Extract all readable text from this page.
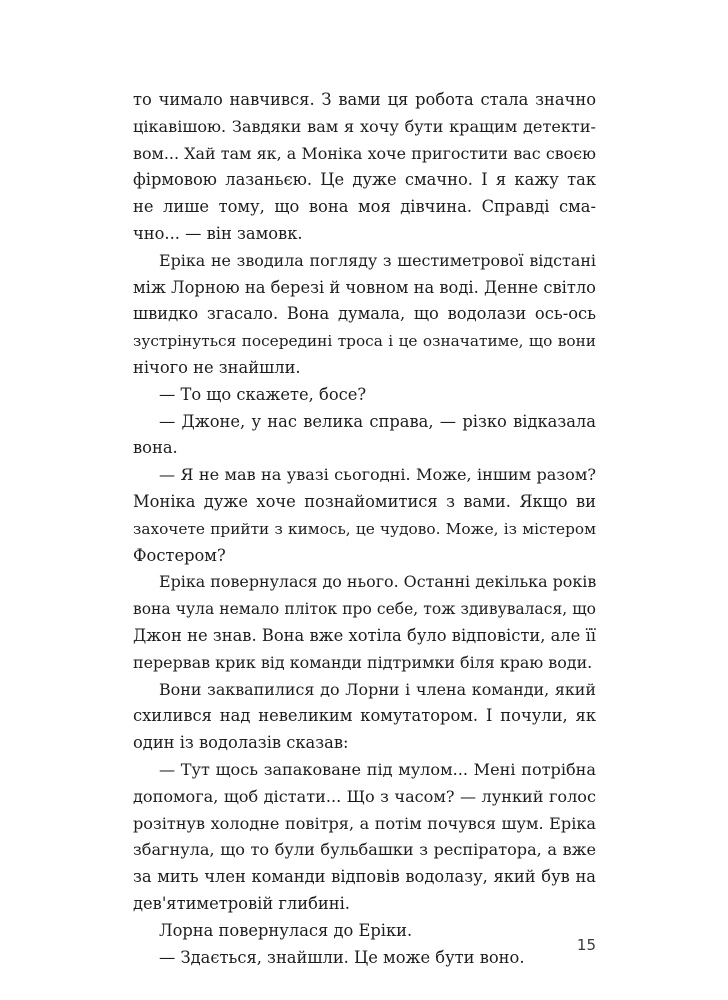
то чимало навчився. З вами ця робота стала значно
цікавішою. Завдяки вам я хочу бути кращим детекти-
вом... Хай там як, а Моніка хоче пригостити вас своєю
фірмовою лазаньєю. Це дуже смачно. І я кажу так
не лише тому, що вона моя дівчина. Справді сма-
чно... — він замовк.
Еріка не зводила погляду з шестиметрової відстані
між Лорною на березі й човном на воді. Денне світло
швидко згасало. Вона думала, що водолази ось-ось
зустрінуться посередині троса і це означатиме, що вони
нічого не знайшли.
— То що скажете, босе?
— Джоне, у нас велика справа, — різко відказала
вона.
— Я не мав на увазі сьогодні. Може, іншим разом?
Моніка дуже хоче познайомитися з вами. Якщо ви
захочете прийти з кимось, це чудово. Може, із містером
Фостером?
Еріка повернулася до нього. Останні декілька років
вона чула немало пліток про себе, тож здивувалася, що
Джон не знав. Вона вже хотіла було відповісти, але її
перервав крик від команди підтримки біля краю води.
Вони заквапилися до Лорни і члена команди, який
схилився над невеликим комутатором. І почули, як
один із водолазів сказав:
— Тут щось запаковане під мулом... Мені потрібна
допомога, щоб дістати... Що з часом? — лункий голос
розітнув холодне повітря, а потім почувся шум. Еріка
збагнула, що то були бульбашки з респіратора, а вже
за мить член команди відповів водолазу, який був на
дев'ятиметровій глибині.
Лорна повернулася до Еріки.
— Здається, знайшли. Це може бути воно.
15
